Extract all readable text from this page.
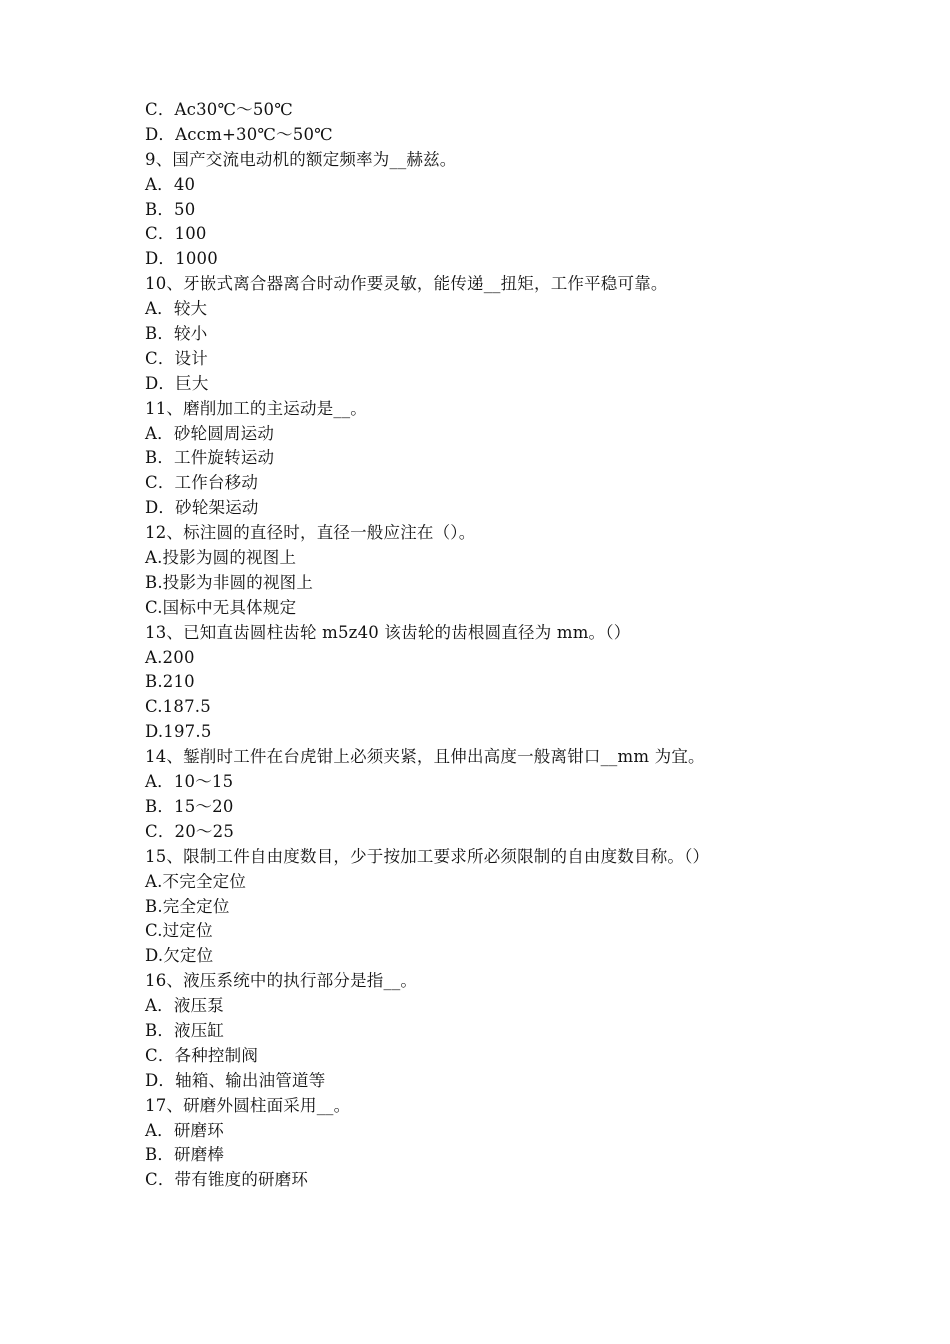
C．Ac30℃～50℃
D．Accm+30℃～50℃
9、国产交流电动机的额定频率为__赫兹。
A．40
B．50
C．100
D．1000
10、牙嵌式离合器离合时动作要灵敏，能传递__扭矩，工作平稳可靠。
A．较大
B．较小
C．设计
D．巨大
11、磨削加工的主运动是__。
A．砂轮圆周运动
B．工件旋转运动
C．工作台移动
D．砂轮架运动
12、标注圆的直径时，直径一般应注在（）。
A.投影为圆的视图上
B.投影为非圆的视图上
C.国标中无具体规定
13、已知直齿圆柱齿轮 m5z40 该齿轮的齿根圆直径为 mm。（）
A.200
B.210
C.187.5
D.197.5
14、錾削时工件在台虎钳上必须夹紧，且伸出高度一般离钳口__mm 为宜。
A．10～15
B．15～20
C．20～25
15、限制工件自由度数目，少于按加工要求所必须限制的自由度数目称。（）
A.不完全定位
B.完全定位
C.过定位
D.欠定位
16、液压系统中的执行部分是指__。
A．液压泵
B．液压缸
C．各种控制阀
D．轴箱、输出油管道等
17、研磨外圆柱面采用__。
A．研磨环
B．研磨棒
C．带有锥度的研磨环
